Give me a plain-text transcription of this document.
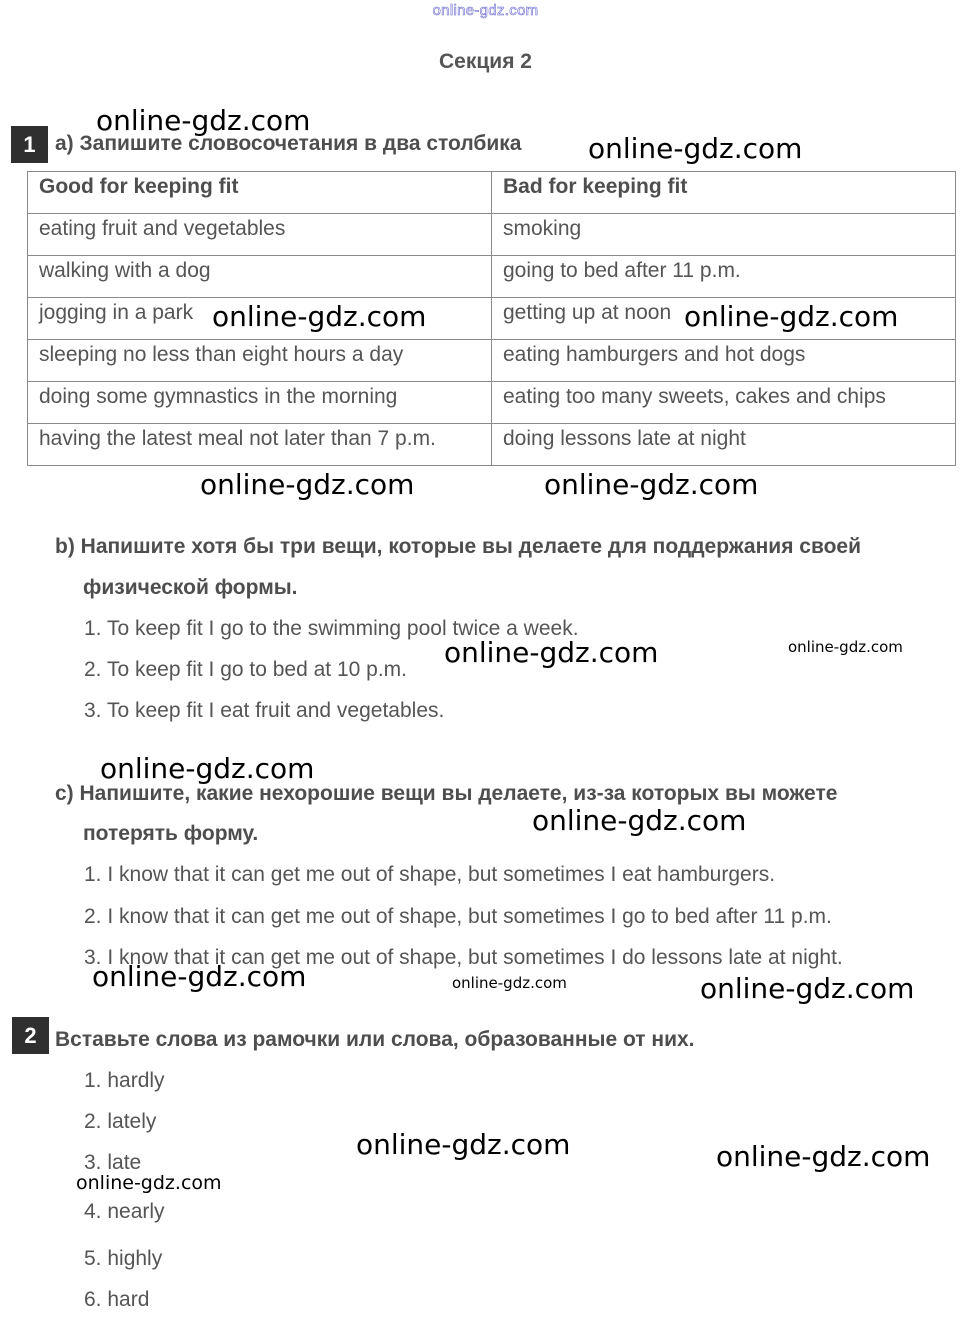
online-gdz.com
Секция 2
1 a) Запишите словосочетания в два столбика
Good for keeping fit	Bad for keeping fit
eating fruit and vegetables	smoking
walking with a dog	going to bed after 11 p.m.
jogging in a park	getting up at noon
sleeping no less than eight hours a day	eating hamburgers and hot dogs
doing some gymnastics in the morning	eating too many sweets, cakes and chips
having the latest meal not later than 7 p.m.	doing lessons late at night
b) Напишите хотя бы три вещи, которые вы делаете для поддержания своей
физической формы.
1. To keep fit I go to the swimming pool twice a week.
2. To keep fit I go to bed at 10 p.m.
3. To keep fit I eat fruit and vegetables.
c) Напишите, какие нехорошие вещи вы делаете, из-за которых вы можете
потерять форму.
1. I know that it can get me out of shape, but sometimes I eat hamburgers.
2. I know that it can get me out of shape, but sometimes I go to bed after 11 p.m.
3. I know that it can get me out of shape, but sometimes I do lessons late at night.
2 Вставьте слова из рамочки или слова, образованные от них.
1. hardly
2. lately
3. late
4. nearly
5. highly
6. hard
online-gdz.com
online-gdz.com
online-gdz.com	online-gdz.com
online-gdz.com	online-gdz.com
online-gdz.com	online-gdz.com
online-gdz.com
online-gdz.com
online-gdz.com	online-gdz.com	online-gdz.com
online-gdz.com	online-gdz.com
online-gdz.com
